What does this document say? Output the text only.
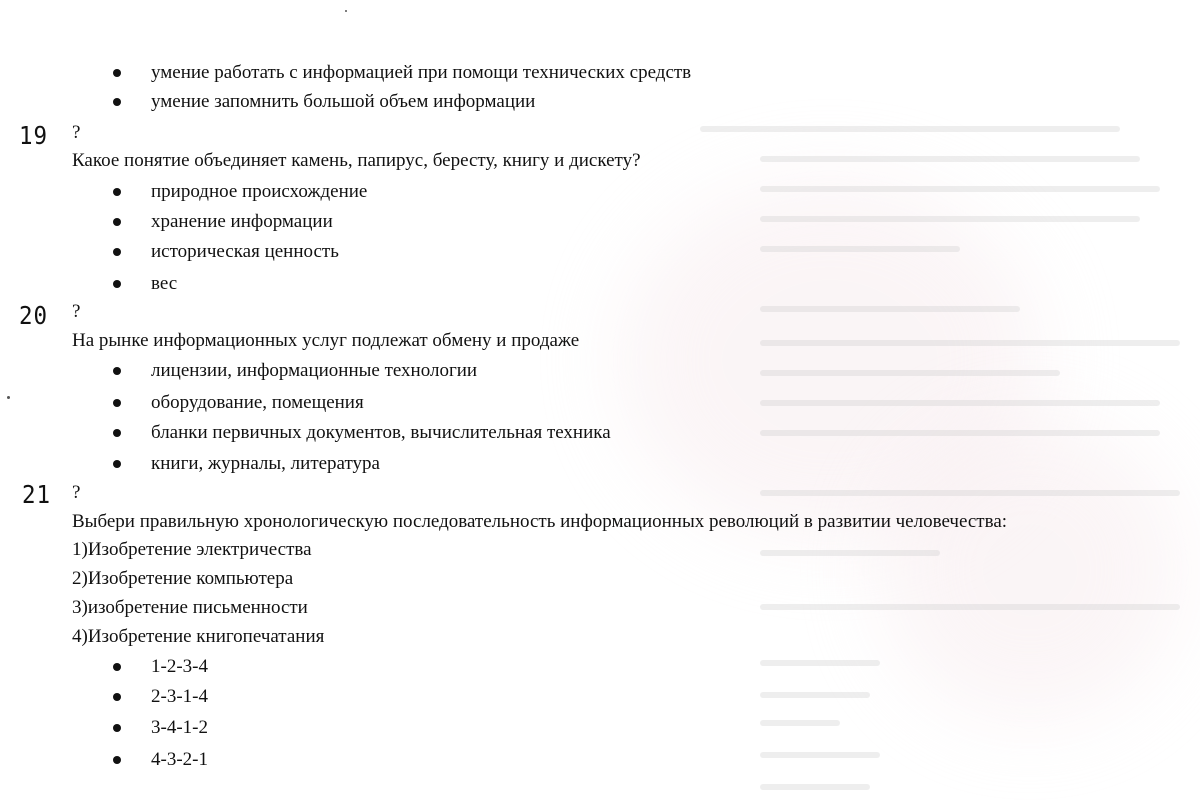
умение работать с информацией при помощи технических средств
умение запомнить большой объем информации
19 ?
Какое понятие объединяет камень, папирус, бересту, книгу и дискету?
природное происхождение
хранение информации
историческая ценность
вес
20 ?
На рынке информационных услуг подлежат обмену и продаже
лицензии, информационные технологии
оборудование, помещения
бланки первичных документов, вычислительная техника
книги, журналы, литература
21 ?
Выбери правильную хронологическую последовательность информационных революций в развитии человечества:
1)Изобретение электричества
2)Изобретение компьютера
3)изобретение письменности
4)Изобретение книгопечатания
1-2-3-4
2-3-1-4
3-4-1-2
4-3-2-1
